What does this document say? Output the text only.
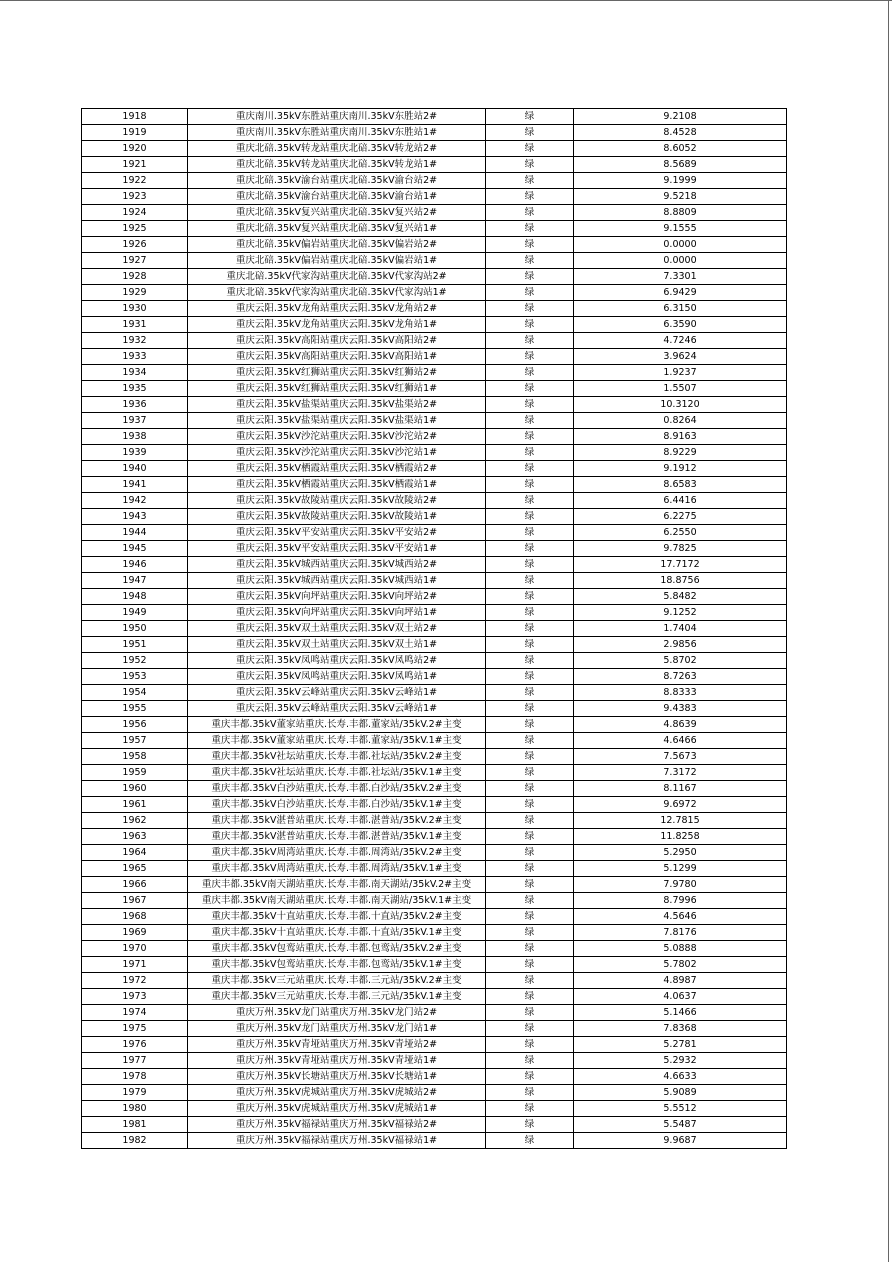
1918	重庆南川.35kV东胜站重庆南川.35kV东胜站2#	绿	9.2108
1919	重庆南川.35kV东胜站重庆南川.35kV东胜站1#	绿	8.4528
1920	重庆北碚.35kV转龙站重庆北碚.35kV转龙站2#	绿	8.6052
1921	重庆北碚.35kV转龙站重庆北碚.35kV转龙站1#	绿	8.5689
1922	重庆北碚.35kV渝台站重庆北碚.35kV渝台站2#	绿	9.1999
1923	重庆北碚.35kV渝台站重庆北碚.35kV渝台站1#	绿	9.5218
1924	重庆北碚.35kV复兴站重庆北碚.35kV复兴站2#	绿	8.8809
1925	重庆北碚.35kV复兴站重庆北碚.35kV复兴站1#	绿	9.1555
1926	重庆北碚.35kV偏岩站重庆北碚.35kV偏岩站2#	绿	0.0000
1927	重庆北碚.35kV偏岩站重庆北碚.35kV偏岩站1#	绿	0.0000
1928	重庆北碚.35kV代家沟站重庆北碚.35kV代家沟站2#	绿	7.3301
1929	重庆北碚.35kV代家沟站重庆北碚.35kV代家沟站1#	绿	6.9429
1930	重庆云阳.35kV龙角站重庆云阳.35kV龙角站2#	绿	6.3150
1931	重庆云阳.35kV龙角站重庆云阳.35kV龙角站1#	绿	6.3590
1932	重庆云阳.35kV高阳站重庆云阳.35kV高阳站2#	绿	4.7246
1933	重庆云阳.35kV高阳站重庆云阳.35kV高阳站1#	绿	3.9624
1934	重庆云阳.35kV红狮站重庆云阳.35kV红狮站2#	绿	1.9237
1935	重庆云阳.35kV红狮站重庆云阳.35kV红狮站1#	绿	1.5507
1936	重庆云阳.35kV盐渠站重庆云阳.35kV盐渠站2#	绿	10.3120
1937	重庆云阳.35kV盐渠站重庆云阳.35kV盐渠站1#	绿	0.8264
1938	重庆云阳.35kV沙沱站重庆云阳.35kV沙沱站2#	绿	8.9163
1939	重庆云阳.35kV沙沱站重庆云阳.35kV沙沱站1#	绿	8.9229
1940	重庆云阳.35kV栖霞站重庆云阳.35kV栖霞站2#	绿	9.1912
1941	重庆云阳.35kV栖霞站重庆云阳.35kV栖霞站1#	绿	8.6583
1942	重庆云阳.35kV故陵站重庆云阳.35kV故陵站2#	绿	6.4416
1943	重庆云阳.35kV故陵站重庆云阳.35kV故陵站1#	绿	6.2275
1944	重庆云阳.35kV平安站重庆云阳.35kV平安站2#	绿	6.2550
1945	重庆云阳.35kV平安站重庆云阳.35kV平安站1#	绿	9.7825
1946	重庆云阳.35kV城西站重庆云阳.35kV城西站2#	绿	17.7172
1947	重庆云阳.35kV城西站重庆云阳.35kV城西站1#	绿	18.8756
1948	重庆云阳.35kV向坪站重庆云阳.35kV向坪站2#	绿	5.8482
1949	重庆云阳.35kV向坪站重庆云阳.35kV向坪站1#	绿	9.1252
1950	重庆云阳.35kV双土站重庆云阳.35kV双土站2#	绿	1.7404
1951	重庆云阳.35kV双土站重庆云阳.35kV双土站1#	绿	2.9856
1952	重庆云阳.35kV凤鸣站重庆云阳.35kV凤鸣站2#	绿	5.8702
1953	重庆云阳.35kV凤鸣站重庆云阳.35kV凤鸣站1#	绿	8.7263
1954	重庆云阳.35kV云峰站重庆云阳.35kV云峰站1#	绿	8.8333
1955	重庆云阳.35kV云峰站重庆云阳.35kV云峰站1#	绿	9.4383
1956	重庆丰都.35kV董家站重庆.长寿.丰都.董家站/35kV.2#主变	绿	4.8639
1957	重庆丰都.35kV董家站重庆.长寿.丰都.董家站/35kV.1#主变	绿	4.6466
1958	重庆丰都.35kV社坛站重庆.长寿.丰都.社坛站/35kV.2#主变	绿	7.5673
1959	重庆丰都.35kV社坛站重庆.长寿.丰都.社坛站/35kV.1#主变	绿	7.3172
1960	重庆丰都.35kV白沙站重庆.长寿.丰都.白沙站/35kV.2#主变	绿	8.1167
1961	重庆丰都.35kV白沙站重庆.长寿.丰都.白沙站/35kV.1#主变	绿	9.6972
1962	重庆丰都.35kV湛普站重庆.长寿.丰都.湛普站/35kV.2#主变	绿	12.7815
1963	重庆丰都.35kV湛普站重庆.长寿.丰都.湛普站/35kV.1#主变	绿	11.8258
1964	重庆丰都.35kV周湾站重庆.长寿.丰都.周湾站/35kV.2#主变	绿	5.2950
1965	重庆丰都.35kV周湾站重庆.长寿.丰都.周湾站/35kV.1#主变	绿	5.1299
1966	重庆丰都.35kV南天湖站重庆.长寿.丰都.南天湖站/35kV.2#主变	绿	7.9780
1967	重庆丰都.35kV南天湖站重庆.长寿.丰都.南天湖站/35kV.1#主变	绿	8.7996
1968	重庆丰都.35kV十直站重庆.长寿.丰都.十直站/35kV.2#主变	绿	4.5646
1969	重庆丰都.35kV十直站重庆.长寿.丰都.十直站/35kV.1#主变	绿	7.8176
1970	重庆丰都.35kV包鸾站重庆.长寿.丰都.包鸾站/35kV.2#主变	绿	5.0888
1971	重庆丰都.35kV包鸾站重庆.长寿.丰都.包鸾站/35kV.1#主变	绿	5.7802
1972	重庆丰都.35kV三元站重庆.长寿.丰都.三元站/35kV.2#主变	绿	4.8987
1973	重庆丰都.35kV三元站重庆.长寿.丰都.三元站/35kV.1#主变	绿	4.0637
1974	重庆万州.35kV龙门站重庆万州.35kV龙门站2#	绿	5.1466
1975	重庆万州.35kV龙门站重庆万州.35kV龙门站1#	绿	7.8368
1976	重庆万州.35kV青垭站重庆万州.35kV青垭站2#	绿	5.2781
1977	重庆万州.35kV青垭站重庆万州.35kV青垭站1#	绿	5.2932
1978	重庆万州.35kV长塘站重庆万州.35kV长塘站1#	绿	4.6633
1979	重庆万州.35kV虎城站重庆万州.35kV虎城站2#	绿	5.9089
1980	重庆万州.35kV虎城站重庆万州.35kV虎城站1#	绿	5.5512
1981	重庆万州.35kV福禄站重庆万州.35kV福禄站2#	绿	5.5487
1982	重庆万州.35kV福禄站重庆万州.35kV福禄站1#	绿	9.9687
